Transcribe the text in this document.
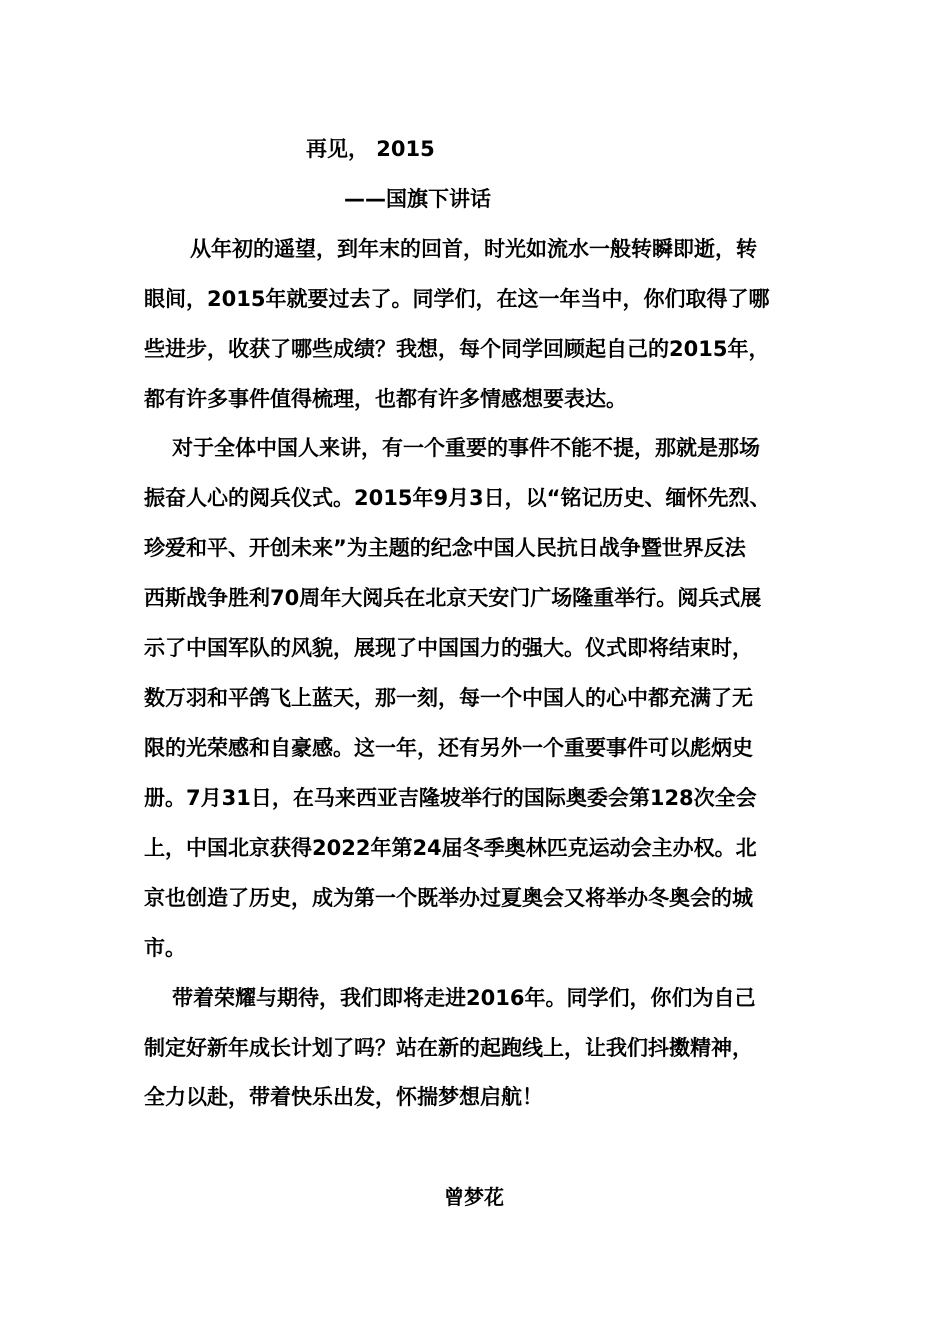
再见， 2015
——国旗下讲话
从年初的遥望，到年末的回首，时光如流水一般转瞬即逝，转
眼间，2015年就要过去了。同学们，在这一年当中，你们取得了哪
些进步，收获了哪些成绩？我想，每个同学回顾起自己的2015年，
都有许多事件值得梳理，也都有许多情感想要表达。
对于全体中国人来讲，有一个重要的事件不能不提，那就是那场
振奋人心的阅兵仪式。2015年9月3日，以“铭记历史、缅怀先烈、
珍爱和平、开创未来”为主题的纪念中国人民抗日战争暨世界反法
西斯战争胜利70周年大阅兵在北京天安门广场隆重举行。阅兵式展
示了中国军队的风貌，展现了中国国力的强大。仪式即将结束时，
数万羽和平鸽飞上蓝天，那一刻，每一个中国人的心中都充满了无
限的光荣感和自豪感。这一年，还有另外一个重要事件可以彪炳史
册。7月31日，在马来西亚吉隆坡举行的国际奥委会第128次全会
上，中国北京获得2022年第24届冬季奥林匹克运动会主办权。北
京也创造了历史，成为第一个既举办过夏奥会又将举办冬奥会的城
市。
带着荣耀与期待，我们即将走进2016年。同学们，你们为自己
制定好新年成长计划了吗？站在新的起跑线上，让我们抖擞精神，
全力以赴，带着快乐出发，怀揣梦想启航！
曾梦花
